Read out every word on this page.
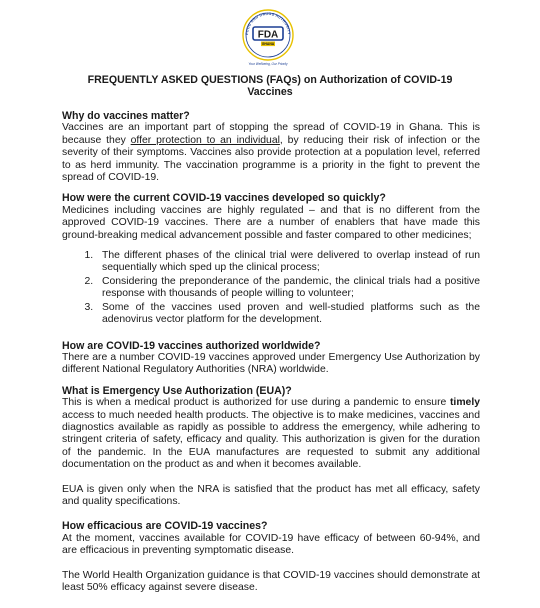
FOOD AND DRUGS AUTHORITY
FDA
GHANA
Your Wellbeing, Our Priority
FREQUENTLY ASKED QUESTIONS (FAQs) on Authorization of COVID-19
Vaccines
Why do vaccines matter?

Vaccines are an important part of stopping the spread of COVID-19 in Ghana. This is because they offer protection to an individual, by reducing their risk of infection or the severity of their symptoms. Vaccines also provide protection at a population level, referred to as herd immunity. The vaccination programme is a priority in the fight to prevent the spread of COVID-19.

How were the current COVID-19 vaccines developed so quickly?

Medicines including vaccines are highly regulated – and that is no different from the approved COVID-19 vaccines. There are a number of enablers that have made this ground-breaking medical advancement possible and faster compared to other medicines;

1. The different phases of the clinical trial were delivered to overlap instead of run sequentially which sped up the clinical process;
2. Considering the preponderance of the pandemic, the clinical trials had a positive response with thousands of people willing to volunteer;
3. Some of the vaccines used proven and well-studied platforms such as the adenovirus vector platform for the development.
How are COVID-19 vaccines authorized worldwide?

There are a number COVID-19 vaccines approved under Emergency Use Authorization by different National Regulatory Authorities (NRA) worldwide.

What is Emergency Use Authorization (EUA)?

This is when a medical product is authorized for use during a pandemic to ensure timely access to much needed health products. The objective is to make medicines, vaccines and diagnostics available as rapidly as possible to address the emergency, while adhering to stringent criteria of safety, efficacy and quality. This authorization is given for the duration of the pandemic. In the EUA manufactures are requested to submit any additional documentation on the product as and when it becomes available.

EUA is given only when the NRA is satisfied that the product has met all efficacy, safety and quality specifications.

How efficacious are COVID-19 vaccines?

At the moment, vaccines available for COVID-19 have efficacy of between 60-94%, and are efficacious in preventing symptomatic disease.

The World Health Organization guidance is that COVID-19 vaccines should demonstrate at least 50% efficacy against severe disease.
